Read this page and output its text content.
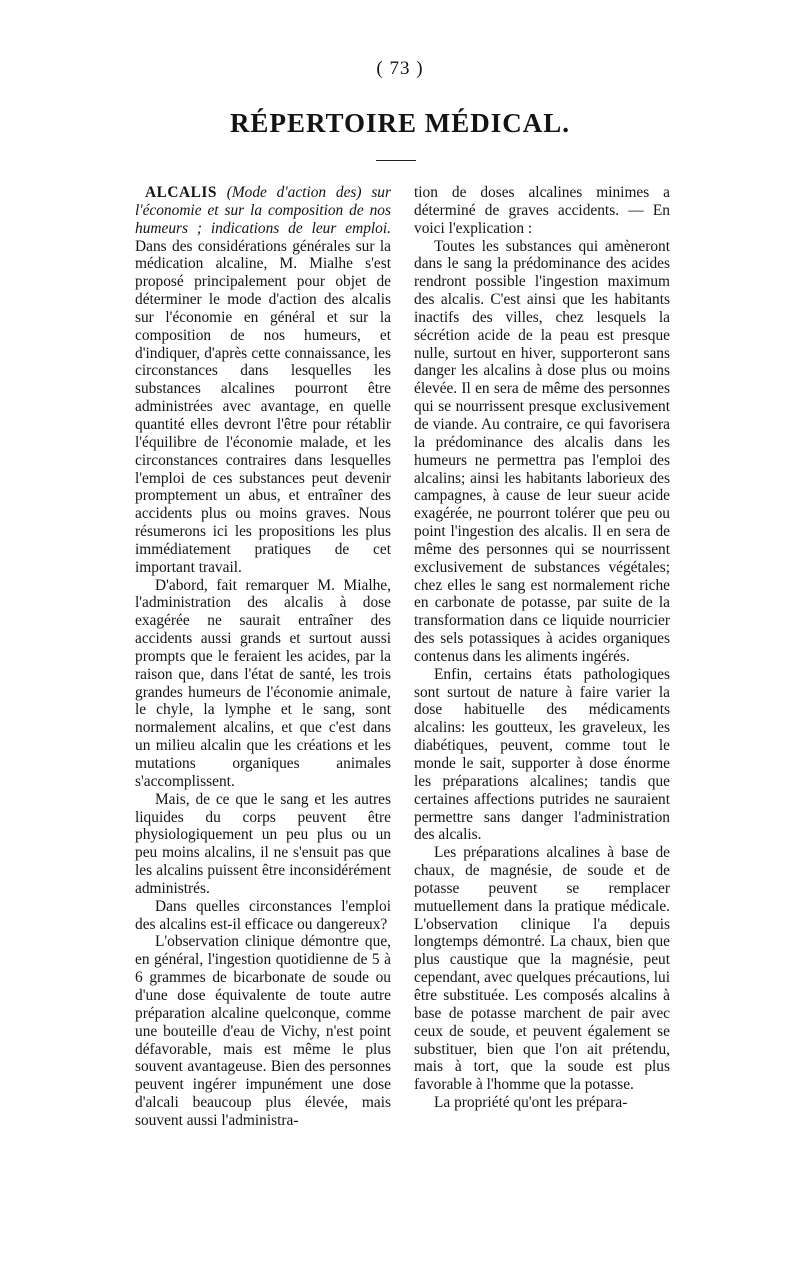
( 73 )
RÉPERTOIRE MÉDICAL.

ALCALIS (Mode d'action des) sur l'économie et sur la composition de nos humeurs ; indications de leur emploi. Dans des considérations générales sur la médication alcaline, M. Mialhe s'est proposé principalement pour objet de déterminer le mode d'action des alcalis sur l'économie en général et sur la composition de nos humeurs, et d'indiquer, d'après cette connaissance, les circonstances dans lesquelles les substances alcalines pourront être administrées avec avantage, en quelle quantité elles devront l'être pour rétablir l'équilibre de l'économie malade, et les circonstances contraires dans lesquelles l'emploi de ces substances peut devenir promptement un abus, et entraîner des accidents plus ou moins graves. Nous résumerons ici les propositions les plus immédiatement pratiques de cet important travail.

D'abord, fait remarquer M. Mialhe, l'administration des alcalis à dose exagérée ne saurait entraîner des accidents aussi grands et surtout aussi prompts que le feraient les acides, par la raison que, dans l'état de santé, les trois grandes humeurs de l'économie animale, le chyle, la lymphe et le sang, sont normalement alcalins, et que c'est dans un milieu alcalin que les créations et les mutations organiques animales s'accomplissent.

Mais, de ce que le sang et les autres liquides du corps peuvent être physiologiquement un peu plus ou un peu moins alcalins, il ne s'ensuit pas que les alcalins puissent être inconsidérément administrés.

Dans quelles circonstances l'emploi des alcalins est-il efficace ou dangereux?

L'observation clinique démontre que, en général, l'ingestion quotidienne de 5 à 6 grammes de bicarbonate de soude ou d'une dose équivalente de toute autre préparation alcaline quelconque, comme une bouteille d'eau de Vichy, n'est point défavorable, mais est même le plus souvent avantageuse. Bien des personnes peuvent ingérer impunément une dose d'alcali beaucoup plus élevée, mais souvent aussi l'administra-

tion de doses alcalines minimes a déterminé de graves accidents. — En voici l'explication :

Toutes les substances qui amèneront dans le sang la prédominance des acides rendront possible l'ingestion maximum des alcalis. C'est ainsi que les habitants inactifs des villes, chez lesquels la sécrétion acide de la peau est presque nulle, surtout en hiver, supporteront sans danger les alcalins à dose plus ou moins élevée. Il en sera de même des personnes qui se nourrissent presque exclusivement de viande. Au contraire, ce qui favorisera la prédominance des alcalis dans les humeurs ne permettra pas l'emploi des alcalins; ainsi les habitants laborieux des campagnes, à cause de leur sueur acide exagérée, ne pourront tolérer que peu ou point l'ingestion des alcalis. Il en sera de même des personnes qui se nourrissent exclusivement de substances végétales; chez elles le sang est normalement riche en carbonate de potasse, par suite de la transformation dans ce liquide nourricier des sels potassiques à acides organiques contenus dans les aliments ingérés.

Enfin, certains états pathologiques sont surtout de nature à faire varier la dose habituelle des médicaments alcalins: les goutteux, les graveleux, les diabétiques, peuvent, comme tout le monde le sait, supporter à dose énorme les préparations alcalines; tandis que certaines affections putrides ne sauraient permettre sans danger l'administration des alcalis.

Les préparations alcalines à base de chaux, de magnésie, de soude et de potasse peuvent se remplacer mutuellement dans la pratique médicale. L'observation clinique l'a depuis longtemps démontré. La chaux, bien que plus caustique que la magnésie, peut cependant, avec quelques précautions, lui être substituée. Les composés alcalins à base de potasse marchent de pair avec ceux de soude, et peuvent également se substituer, bien que l'on ait prétendu, mais à tort, que la soude est plus favorable à l'homme que la potasse.

La propriété qu'ont les prépara-
